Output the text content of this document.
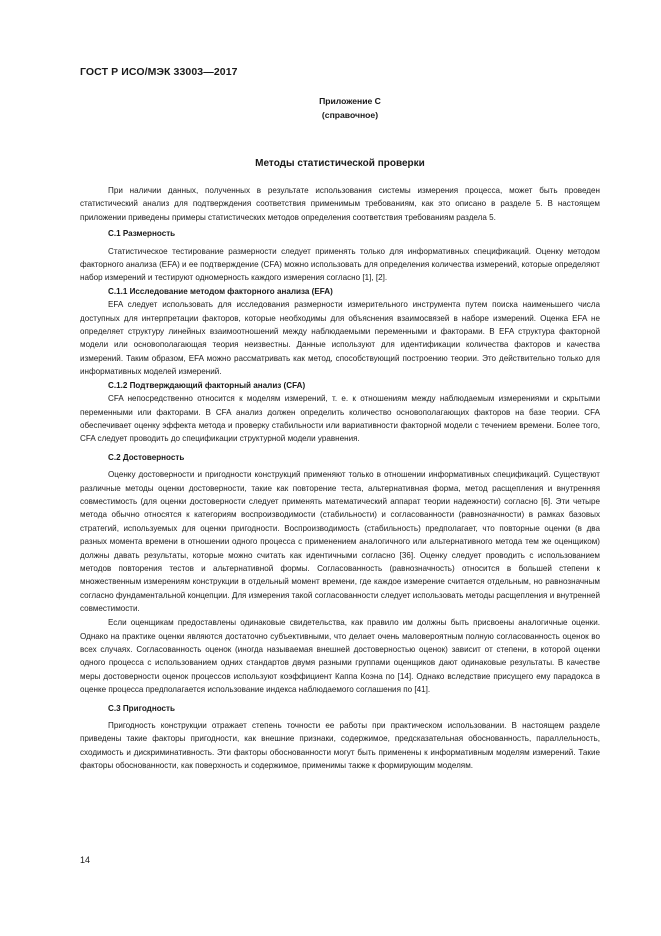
ГОСТ Р ИСО/МЭК 33003—2017
Приложение С
(справочное)
Методы статистической проверки

При наличии данных, полученных в результате использования системы измерения процесса, может быть проведен статистический анализ для подтверждения соответствия применимым требованиям, как это описано в разделе 5. В настоящем приложении приведены примеры статистических методов определения соответствия требованиям раздела 5.

С.1 Размерность

Статистическое тестирование размерности следует применять только для информативных спецификаций. Оценку методом факторного анализа (EFA) и ее подтверждение (CFA) можно использовать для определения количества измерений, которые определяют набор измерений и тестируют одномерность каждого измерения согласно [1], [2].

С.1.1 Исследование методом факторного анализа (EFA)

EFA следует использовать для исследования размерности измерительного инструмента путем поиска наименьшего числа доступных для интерпретации факторов, которые необходимы для объяснения взаимосвязей в наборе измерений. Оценка EFA не определяет структуру линейных взаимоотношений между наблюдаемыми переменными и факторами. В EFA структура факторной модели или основополагающая теория неизвестны. Данные используют для идентификации количества факторов и качества измерений. Таким образом, EFA можно рассматривать как метод, способствующий построению теории. Это действительно только для информативных моделей измерений.

С.1.2 Подтверждающий факторный анализ (CFA)

CFA непосредственно относится к моделям измерений, т. е. к отношениям между наблюдаемым измерениями и скрытыми переменными или факторами. В CFA анализ должен определить количество основополагающих факторов на базе теории. CFA обеспечивает оценку эффекта метода и проверку стабильности или вариативности факторной модели с течением времени. Более того, CFA следует проводить до спецификации структурной модели уравнения.

С.2 Достоверность

Оценку достоверности и пригодности конструкций применяют только в отношении информативных спецификаций. Существуют различные методы оценки достоверности, такие как повторение теста, альтернативная форма, метод расщепления и внутренняя совместимость (для оценки достоверности следует применять математический аппарат теории надежности) согласно [6]. Эти четыре метода обычно относятся к категориям воспроизводимости (стабильности) и согласованности (равнозначности) в рамках базовых стратегий, используемых для оценки пригодности. Воспроизводимость (стабильность) предполагает, что повторные оценки (в два разных момента времени в отношении одного процесса с применением аналогичного или альтернативного метода тем же оценщиком) должны давать результаты, которые можно считать как идентичными согласно [36]. Оценку следует проводить с использованием методов повторения тестов и альтернативной формы. Согласованность (равнозначность) относится в большей степени к множественным измерениям конструкции в отдельный момент времени, где каждое измерение считается отдельным, но равнозначным согласно фундаментальной концепции. Для измерения такой согласованности следует использовать методы расщепления и внутренней совместимости.

Если оценщикам предоставлены одинаковые свидетельства, как правило им должны быть присвоены аналогичные оценки. Однако на практике оценки являются достаточно субъективными, что делает очень маловероятным полную согласованность оценок во всех случаях. Согласованность оценок (иногда называемая внешней достоверностью оценок) зависит от степени, в которой оценки одного процесса с использованием одних стандартов двумя разными группами оценщиков дают одинаковые результаты. В качестве меры достоверности оценок процессов используют коэффициент Каппа Коэна по [14]. Однако вследствие присущего ему парадокса в оценке процесса предполагается использование индекса наблюдаемого соглашения по [41].

С.3 Пригодность

Пригодность конструкции отражает степень точности ее работы при практическом использовании. В настоящем разделе приведены такие факторы пригодности, как внешние признаки, содержимое, предсказательная обоснованность, параллельность, сходимость и дискриминативность. Эти факторы обоснованности могут быть применены к информативным моделям измерений. Такие факторы обоснованности, как поверхность и содержимое, применимы также к формирующим моделям.

14
